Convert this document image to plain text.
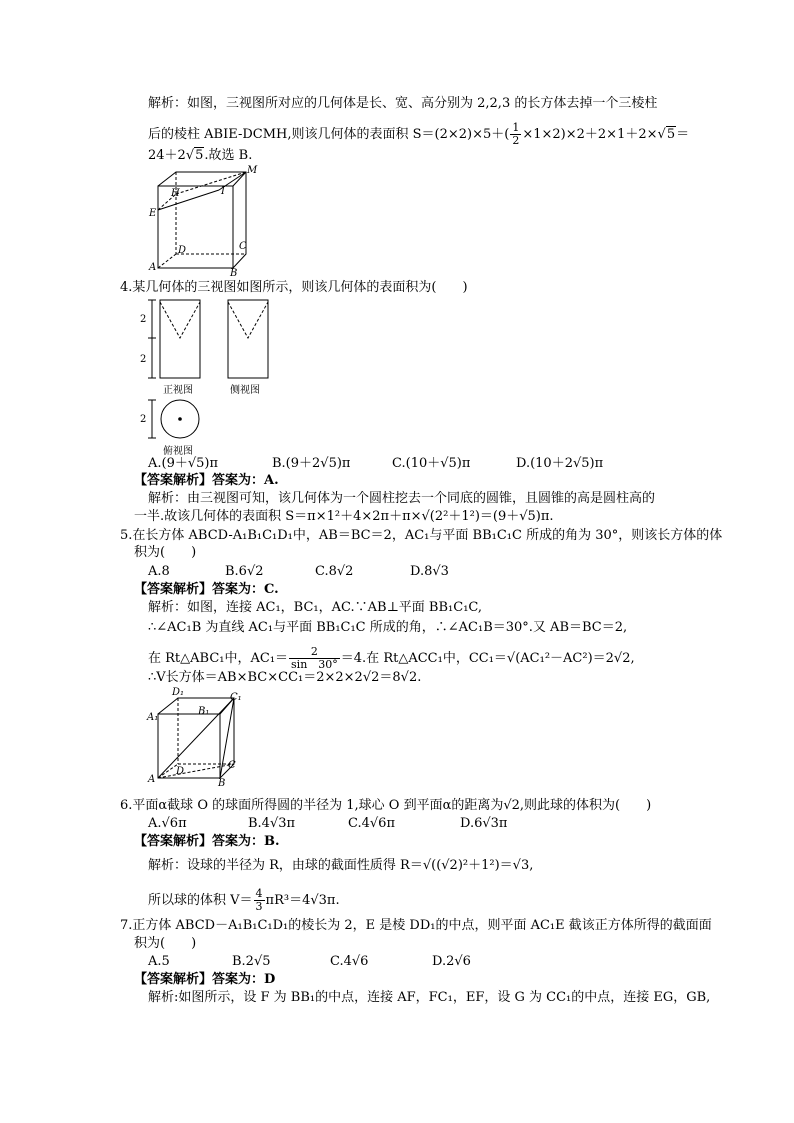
解析：如图，三视图所对应的几何体是长、宽、高分别为 2,2,3 的长方体去掉一个三棱柱
后的棱柱 ABIE-DCMH,则该几何体的表面积 $S=(2\times 2)\times 5+( \frac{1}{2} \times 1\times 2)\times 2+2\times 1+2\times√5=$
24＋2√5.故选 B.
H	I
M
E
D	C
A
B
4.某几何体的三视图如图所示，则该几何体的表面积为(　　)
2
2
正视图	侧视图
2
俯视图
A.(9＋√5)π	B.(9＋2√5)π	C.(10＋√5)π	D.(10＋2√5)π
【答案解析】答案为：A.
解析：由三视图可知，该几何体为一个圆柱挖去一个同底的圆锥，且圆锥的高是圆柱高的
一半.故该几何体的表面积 S＝π×1²＋4×2π＋π×√(2²＋1²)＝(9＋√5)π.
5.在长方体 ABCD-A₁B₁C₁D₁中，AB＝BC＝2，AC₁与平面 BB₁C₁C 所成的角为 30°，则该长方体的体
积为(　　)
A.8	B.6√2	C.8√2	D.8√3
【答案解析】答案为：C.
解析：如图，连接 AC₁，BC₁，AC.∵AB⊥平面 BB₁C₁C,
∴∠AC₁B 为直线 AC₁与平面 BB₁C₁C 所成的角，∴∠AC₁B＝30°.又 AB＝BC＝2,
在 Rt△ABC₁中，$AC_1= \frac{2}{\sin 30^\circ} =4$.在 Rt△ACC₁中，CC₁＝√(AC₁²－AC²)＝2√2,
∴V长方体＝AB×BC×CC₁＝2×2×2√2＝8√2.
D₁	C₁
A₁
B₁
D
C
A	B
6.平面α截球 O 的球面所得圆的半径为 1,球心 O 到平面α的距离为√2,则此球的体积为(　　)
A.√6π	B.4√3π	C.4√6π	D.6√3π
【答案解析】答案为：B.
解析：设球的半径为 R，由球的截面性质得 R＝√((√2)²＋1²)＝√3,
所以球的体积 $V= \frac{4}{3} \pi R^3=4√3\pi$.
7.正方体 ABCD－A₁B₁C₁D₁的棱长为 2，E 是棱 DD₁的中点，则平面 AC₁E 截该正方体所得的截面面
积为(　　)
A.5	B.2√5	C.4√6	D.2√6
【答案解析】答案为：D
解析:如图所示，设 F 为 BB₁的中点，连接 AF，FC₁，EF，设 G 为 CC₁的中点，连接 EG，GB,
